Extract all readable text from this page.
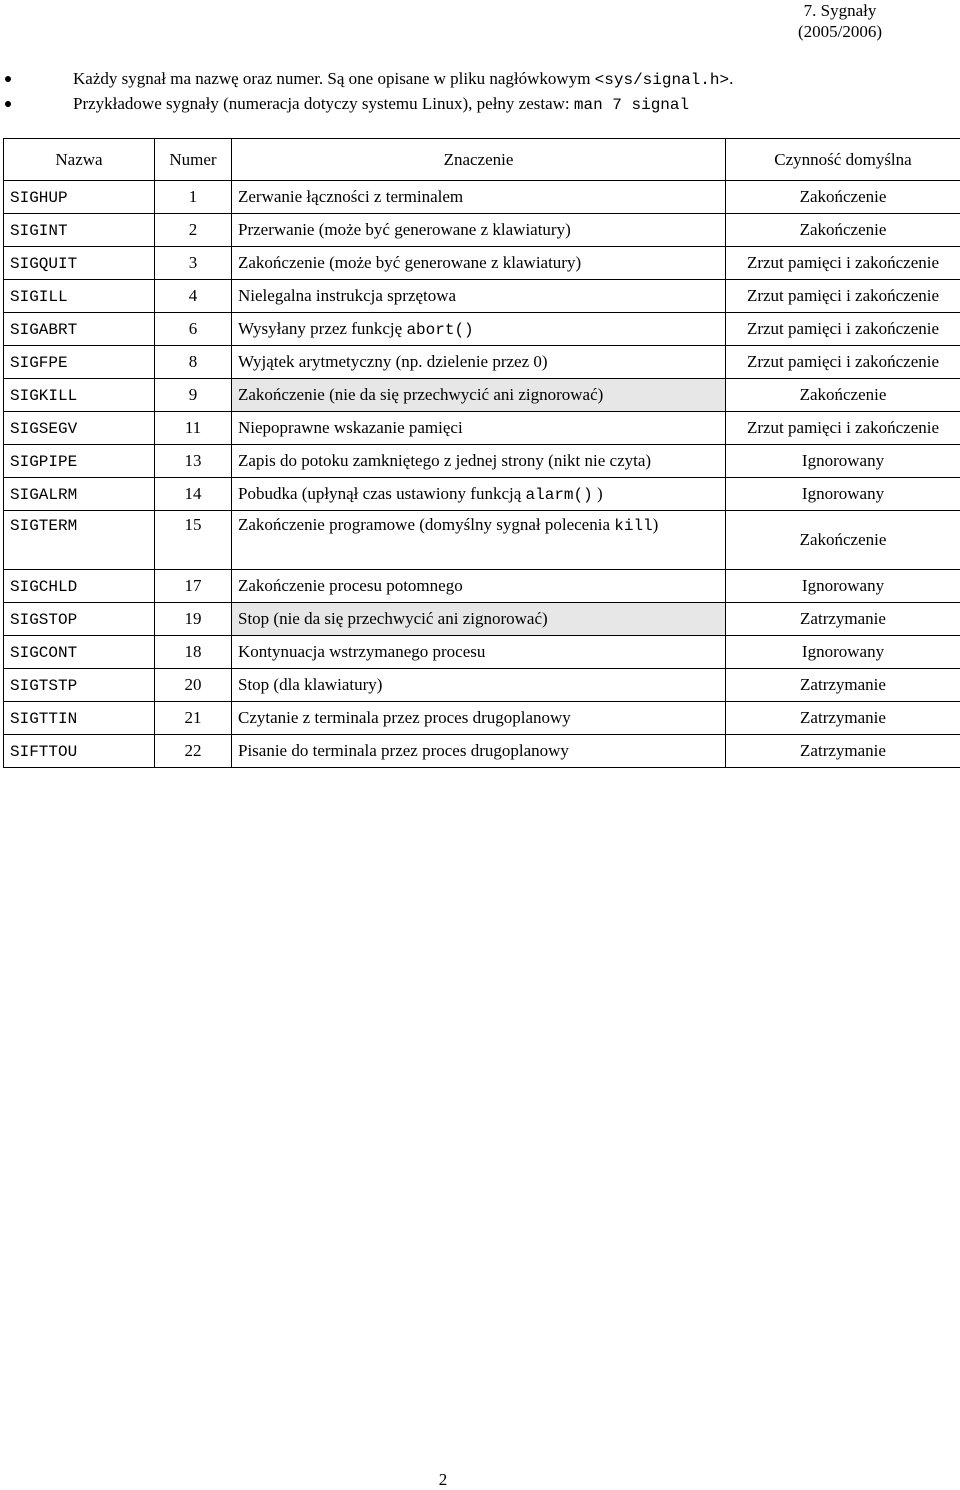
7. Sygnały
(2005/2006)
Każdy sygnał ma nazwę oraz numer. Są one opisane w pliku nagłówkowym <sys/signal.h>.
Przykładowe sygnały (numeracja dotyczy systemu Linux), pełny zestaw: man 7 signal
Nazwa	Numer	Znaczenie	Czynność domyślna
SIGHUP	1	Zerwanie łączności z terminalem	Zakończenie
SIGINT	2	Przerwanie (może być generowane z klawiatury)	Zakończenie
SIGQUIT	3	Zakończenie (może być generowane z klawiatury)	Zrzut pamięci i zakończenie
SIGILL	4	Nielegalna instrukcja sprzętowa	Zrzut pamięci i zakończenie
SIGABRT	6	Wysyłany przez funkcję abort()	Zrzut pamięci i zakończenie
SIGFPE	8	Wyjątek arytmetyczny (np. dzielenie przez 0)	Zrzut pamięci i zakończenie
SIGKILL	9	Zakończenie (nie da się przechwycić ani zignorować)	Zakończenie
SIGSEGV	11	Niepoprawne wskazanie pamięci	Zrzut pamięci i zakończenie
SIGPIPE	13	Zapis do potoku zamkniętego z jednej strony (nikt nie czyta)	Ignorowany
SIGALRM	14	Pobudka (upłynął czas ustawiony funkcją alarm() )	Ignorowany
SIGTERM	15	Zakończenie programowe (domyślny sygnał polecenia kill)	Zakończenie
SIGCHLD	17	Zakończenie procesu potomnego	Ignorowany
SIGSTOP	19	Stop (nie da się przechwycić ani zignorować)	Zatrzymanie
SIGCONT	18	Kontynuacja wstrzymanego procesu	Ignorowany
SIGTSTP	20	Stop (dla klawiatury)	Zatrzymanie
SIGTTIN	21	Czytanie z terminala przez proces drugoplanowy	Zatrzymanie
SIFTTOU	22	Pisanie do terminala przez proces drugoplanowy	Zatrzymanie
2
